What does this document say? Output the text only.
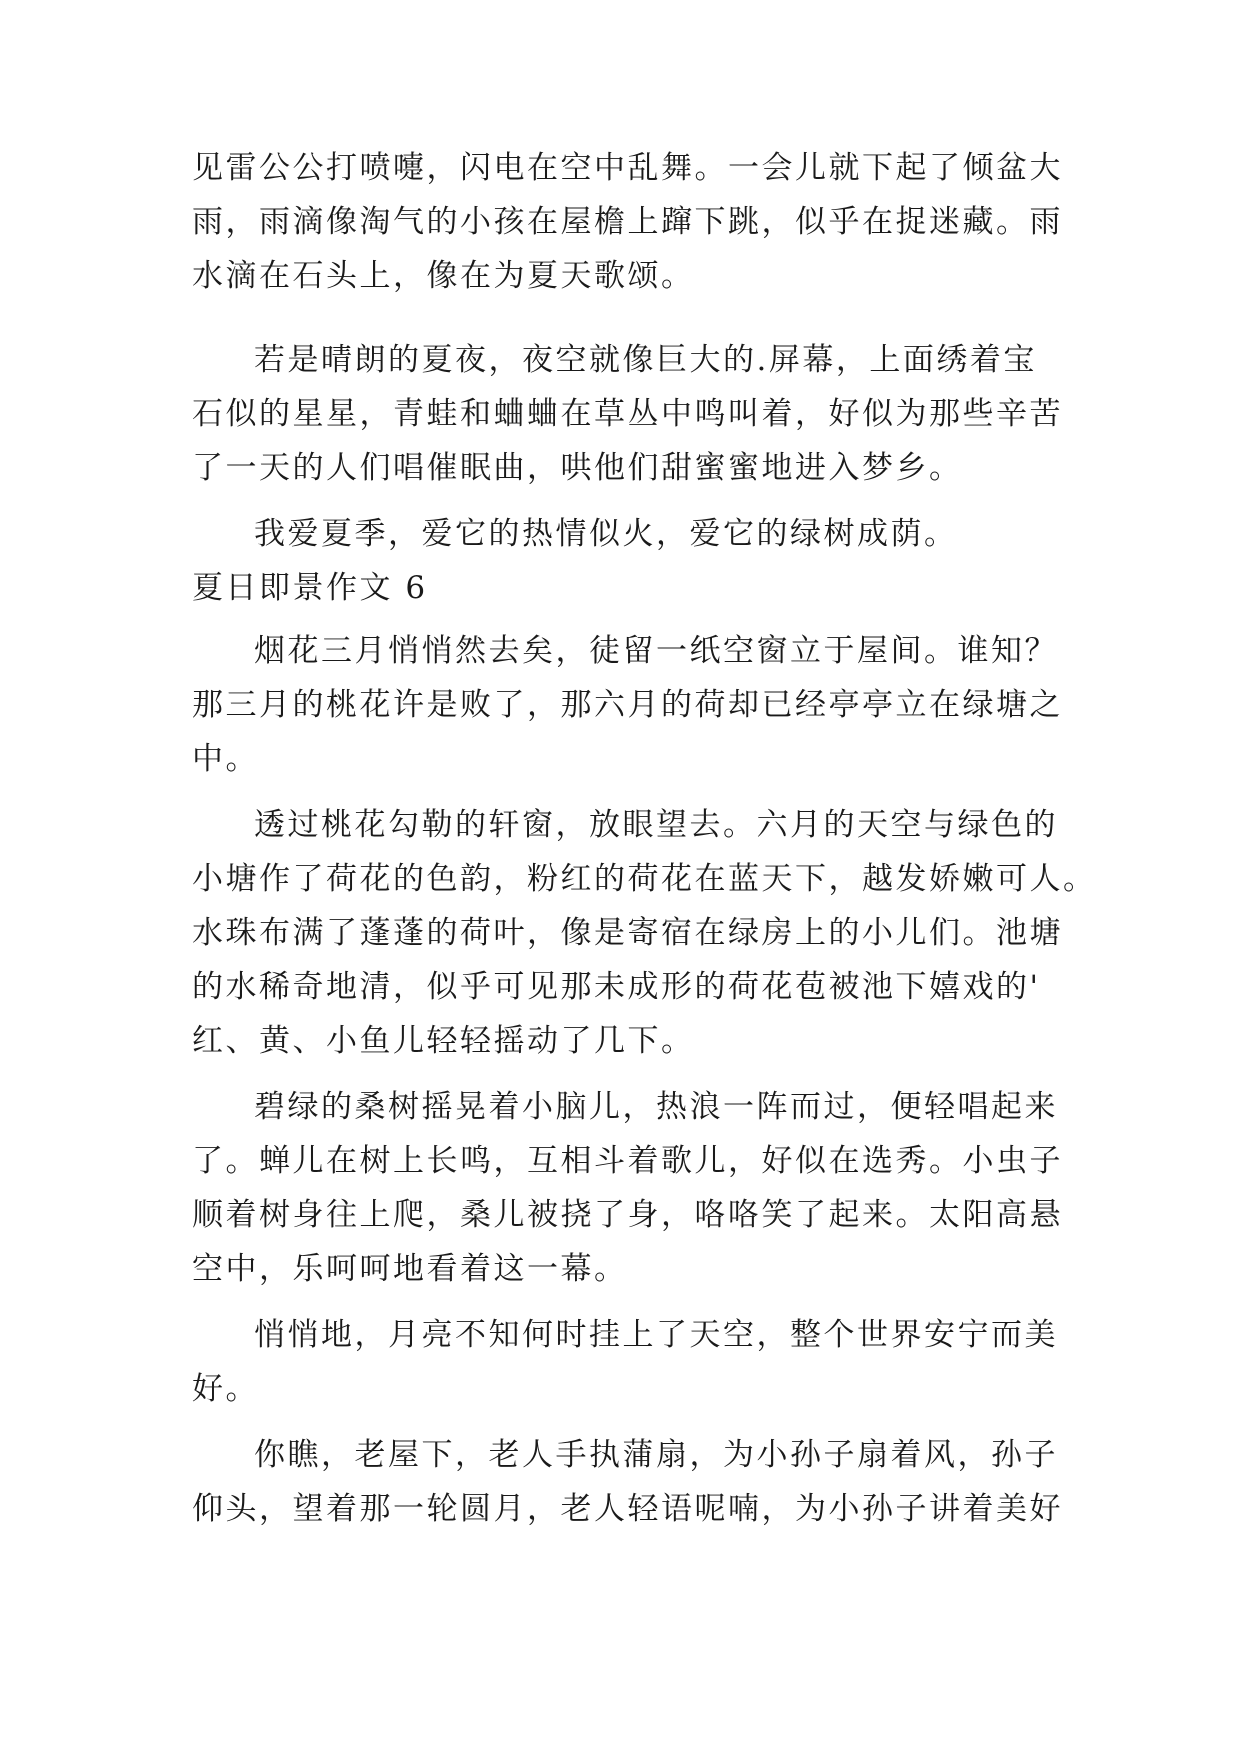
见雷公公打喷嚏，闪电在空中乱舞。一会儿就下起了倾盆大
雨，雨滴像淘气的小孩在屋檐上蹿下跳，似乎在捉迷藏。雨
水滴在石头上，像在为夏天歌颂。
若是晴朗的夏夜，夜空就像巨大的.屏幕，上面绣着宝
石似的星星，青蛙和蛐蛐在草丛中鸣叫着，好似为那些辛苦
了一天的人们唱催眠曲，哄他们甜蜜蜜地进入梦乡。
我爱夏季，爱它的热情似火，爱它的绿树成荫。
夏日即景作文 6
烟花三月悄悄然去矣，徒留一纸空窗立于屋间。谁知？
那三月的桃花许是败了，那六月的荷却已经亭亭立在绿塘之
中。
透过桃花勾勒的轩窗，放眼望去。六月的天空与绿色的
小塘作了荷花的色韵，粉红的荷花在蓝天下，越发娇嫩可人。
水珠布满了蓬蓬的荷叶，像是寄宿在绿房上的小儿们。池塘
的水稀奇地清，似乎可见那未成形的荷花苞被池下嬉戏的'
红、黄、小鱼儿轻轻摇动了几下。
碧绿的桑树摇晃着小脑儿，热浪一阵而过，便轻唱起来
了。蝉儿在树上长鸣，互相斗着歌儿，好似在选秀。小虫子
顺着树身往上爬，桑儿被挠了身，咯咯笑了起来。太阳高悬
空中，乐呵呵地看着这一幕。
悄悄地，月亮不知何时挂上了天空，整个世界安宁而美
好。
你瞧，老屋下，老人手执蒲扇，为小孙子扇着风，孙子
仰头，望着那一轮圆月，老人轻语呢喃，为小孙子讲着美好
